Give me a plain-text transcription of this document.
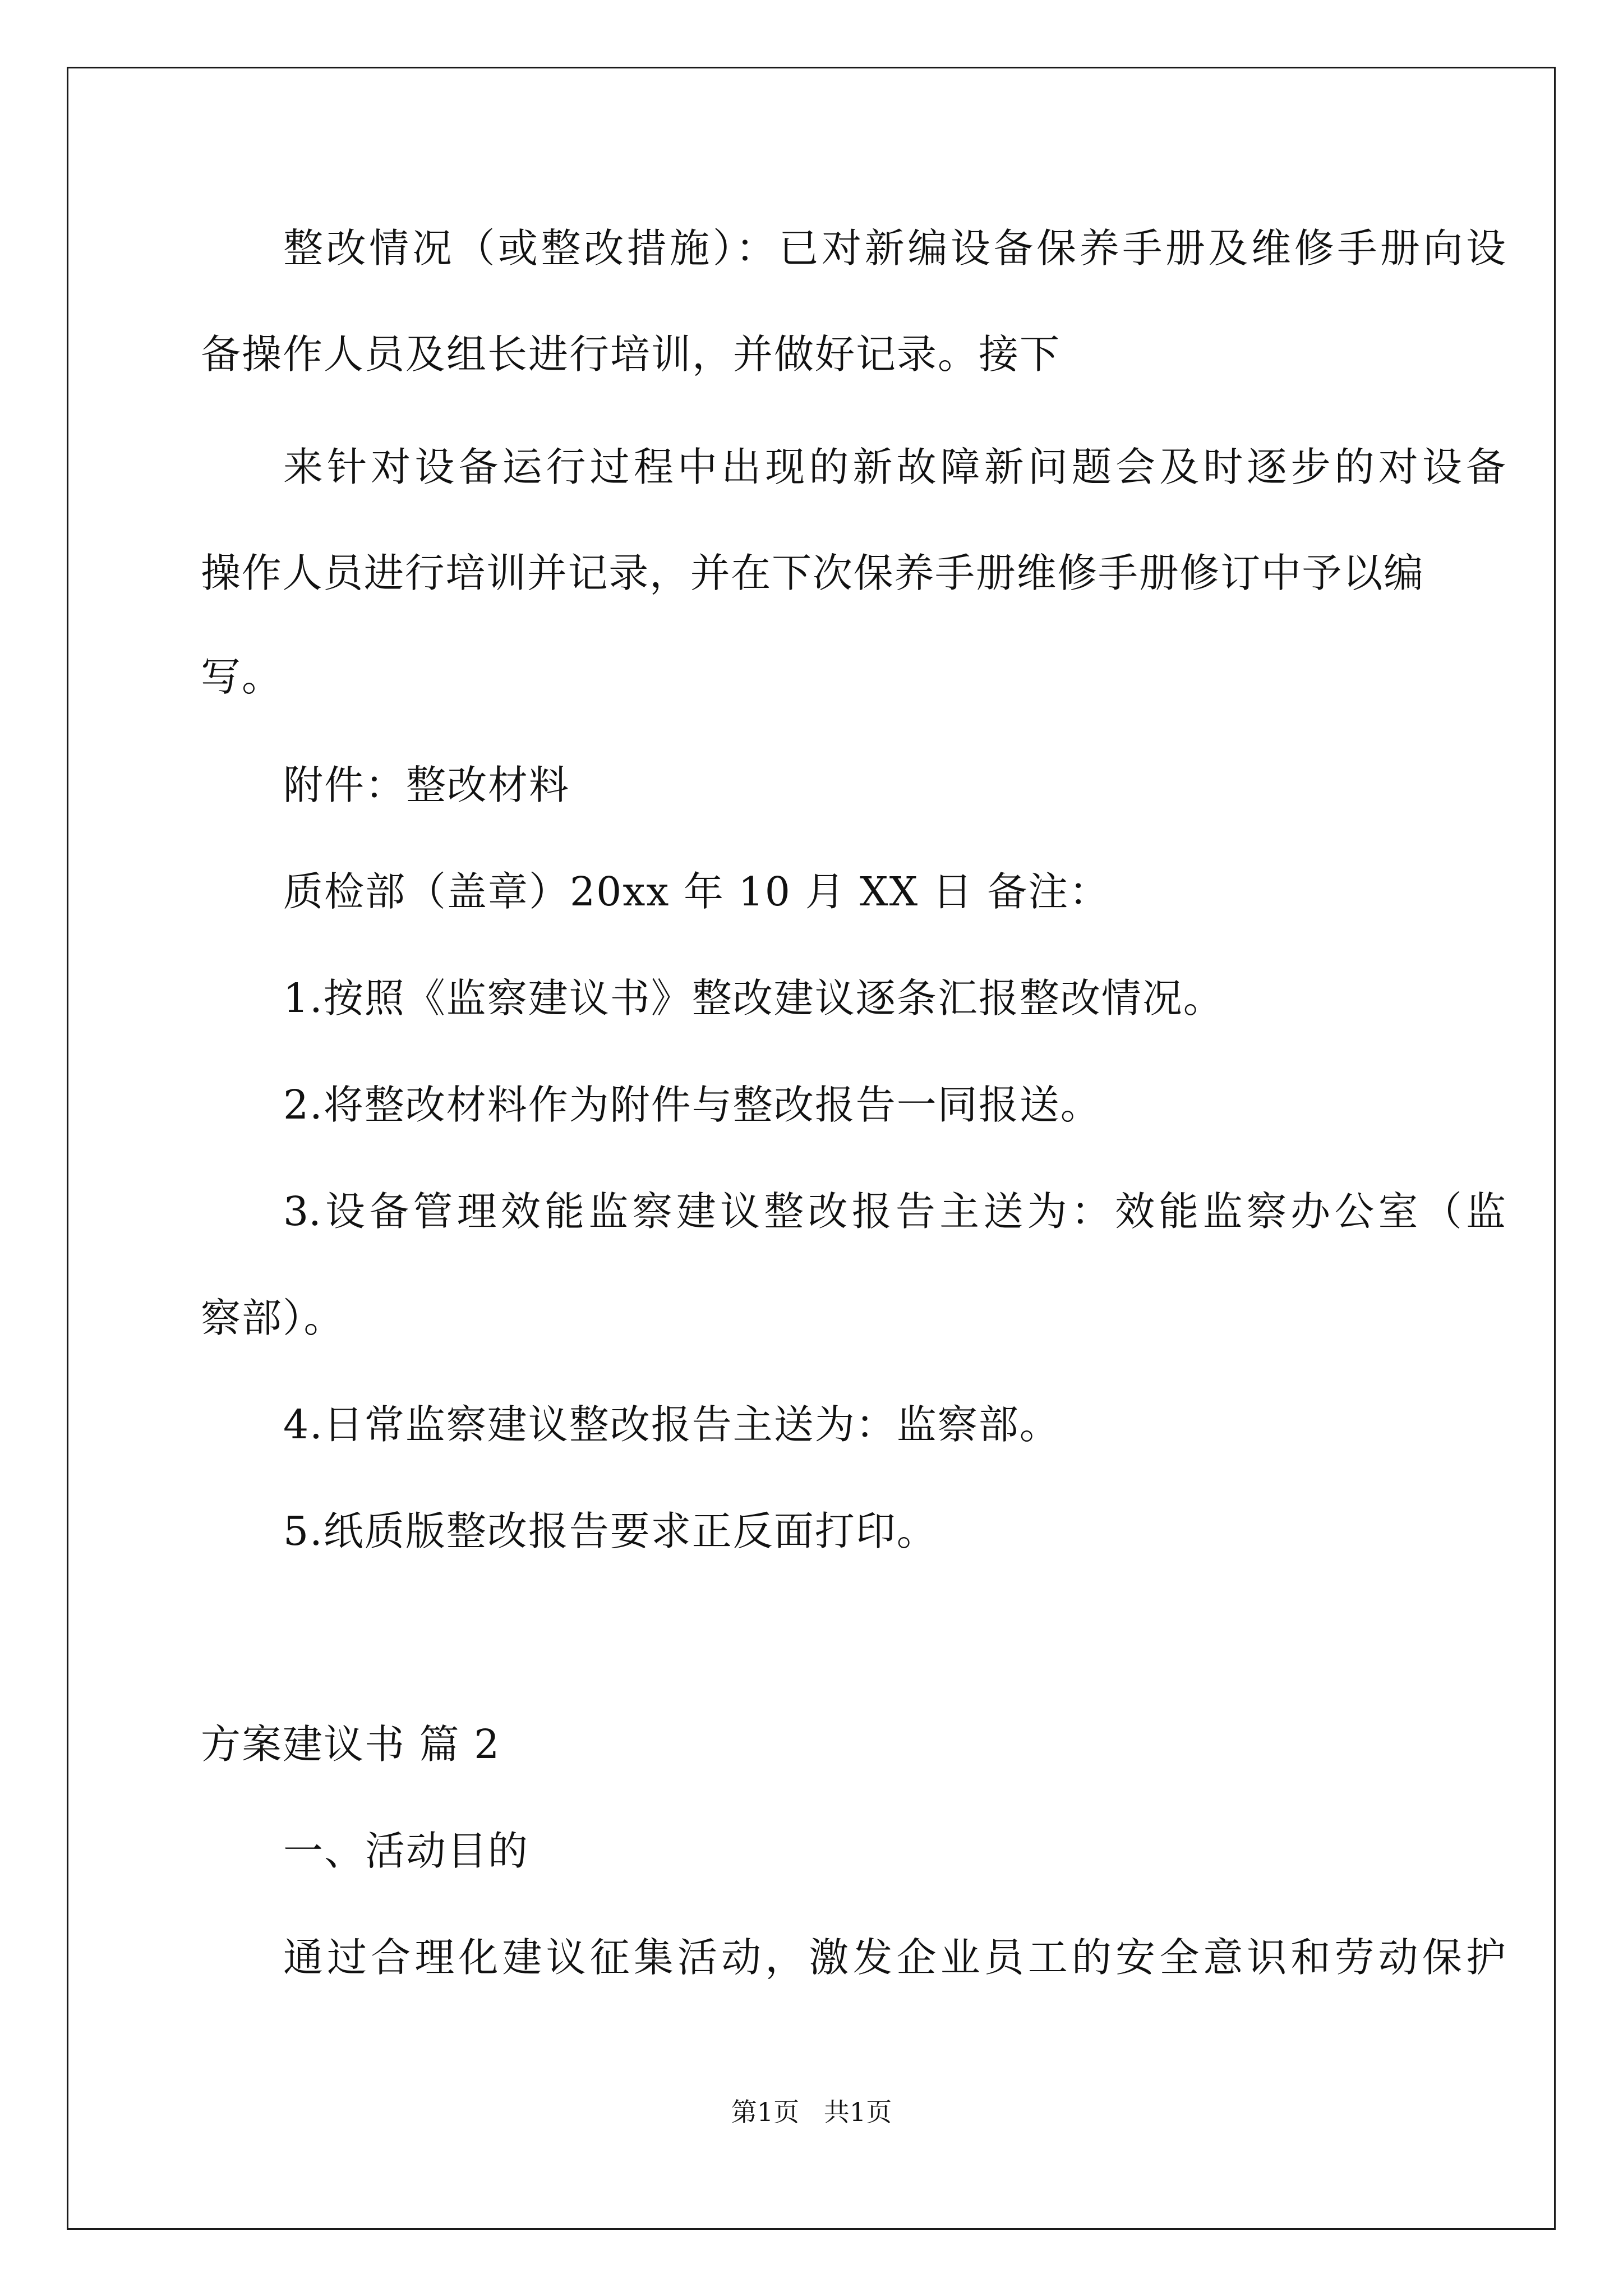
整改情况（或整改措施）：已对新编设备保养手册及维修手册向设
备操作人员及组长进行培训，并做好记录。接下
来针对设备运行过程中出现的新故障新问题会及时逐步的对设备
操作人员进行培训并记录，并在下次保养手册维修手册修订中予以编
写。
附件：整改材料
质检部（盖章）20xx 年 10 月 XX 日 备注：
1.按照《监察建议书》整改建议逐条汇报整改情况。
2.将整改材料作为附件与整改报告一同报送。
3.设备管理效能监察建议整改报告主送为：效能监察办公室（监
察部）。
4.日常监察建议整改报告主送为：监察部。
5.纸质版整改报告要求正反面打印。
方案建议书 篇 2
一、活动目的
通过合理化建议征集活动，激发企业员工的安全意识和劳动保护
第1页   共1页
